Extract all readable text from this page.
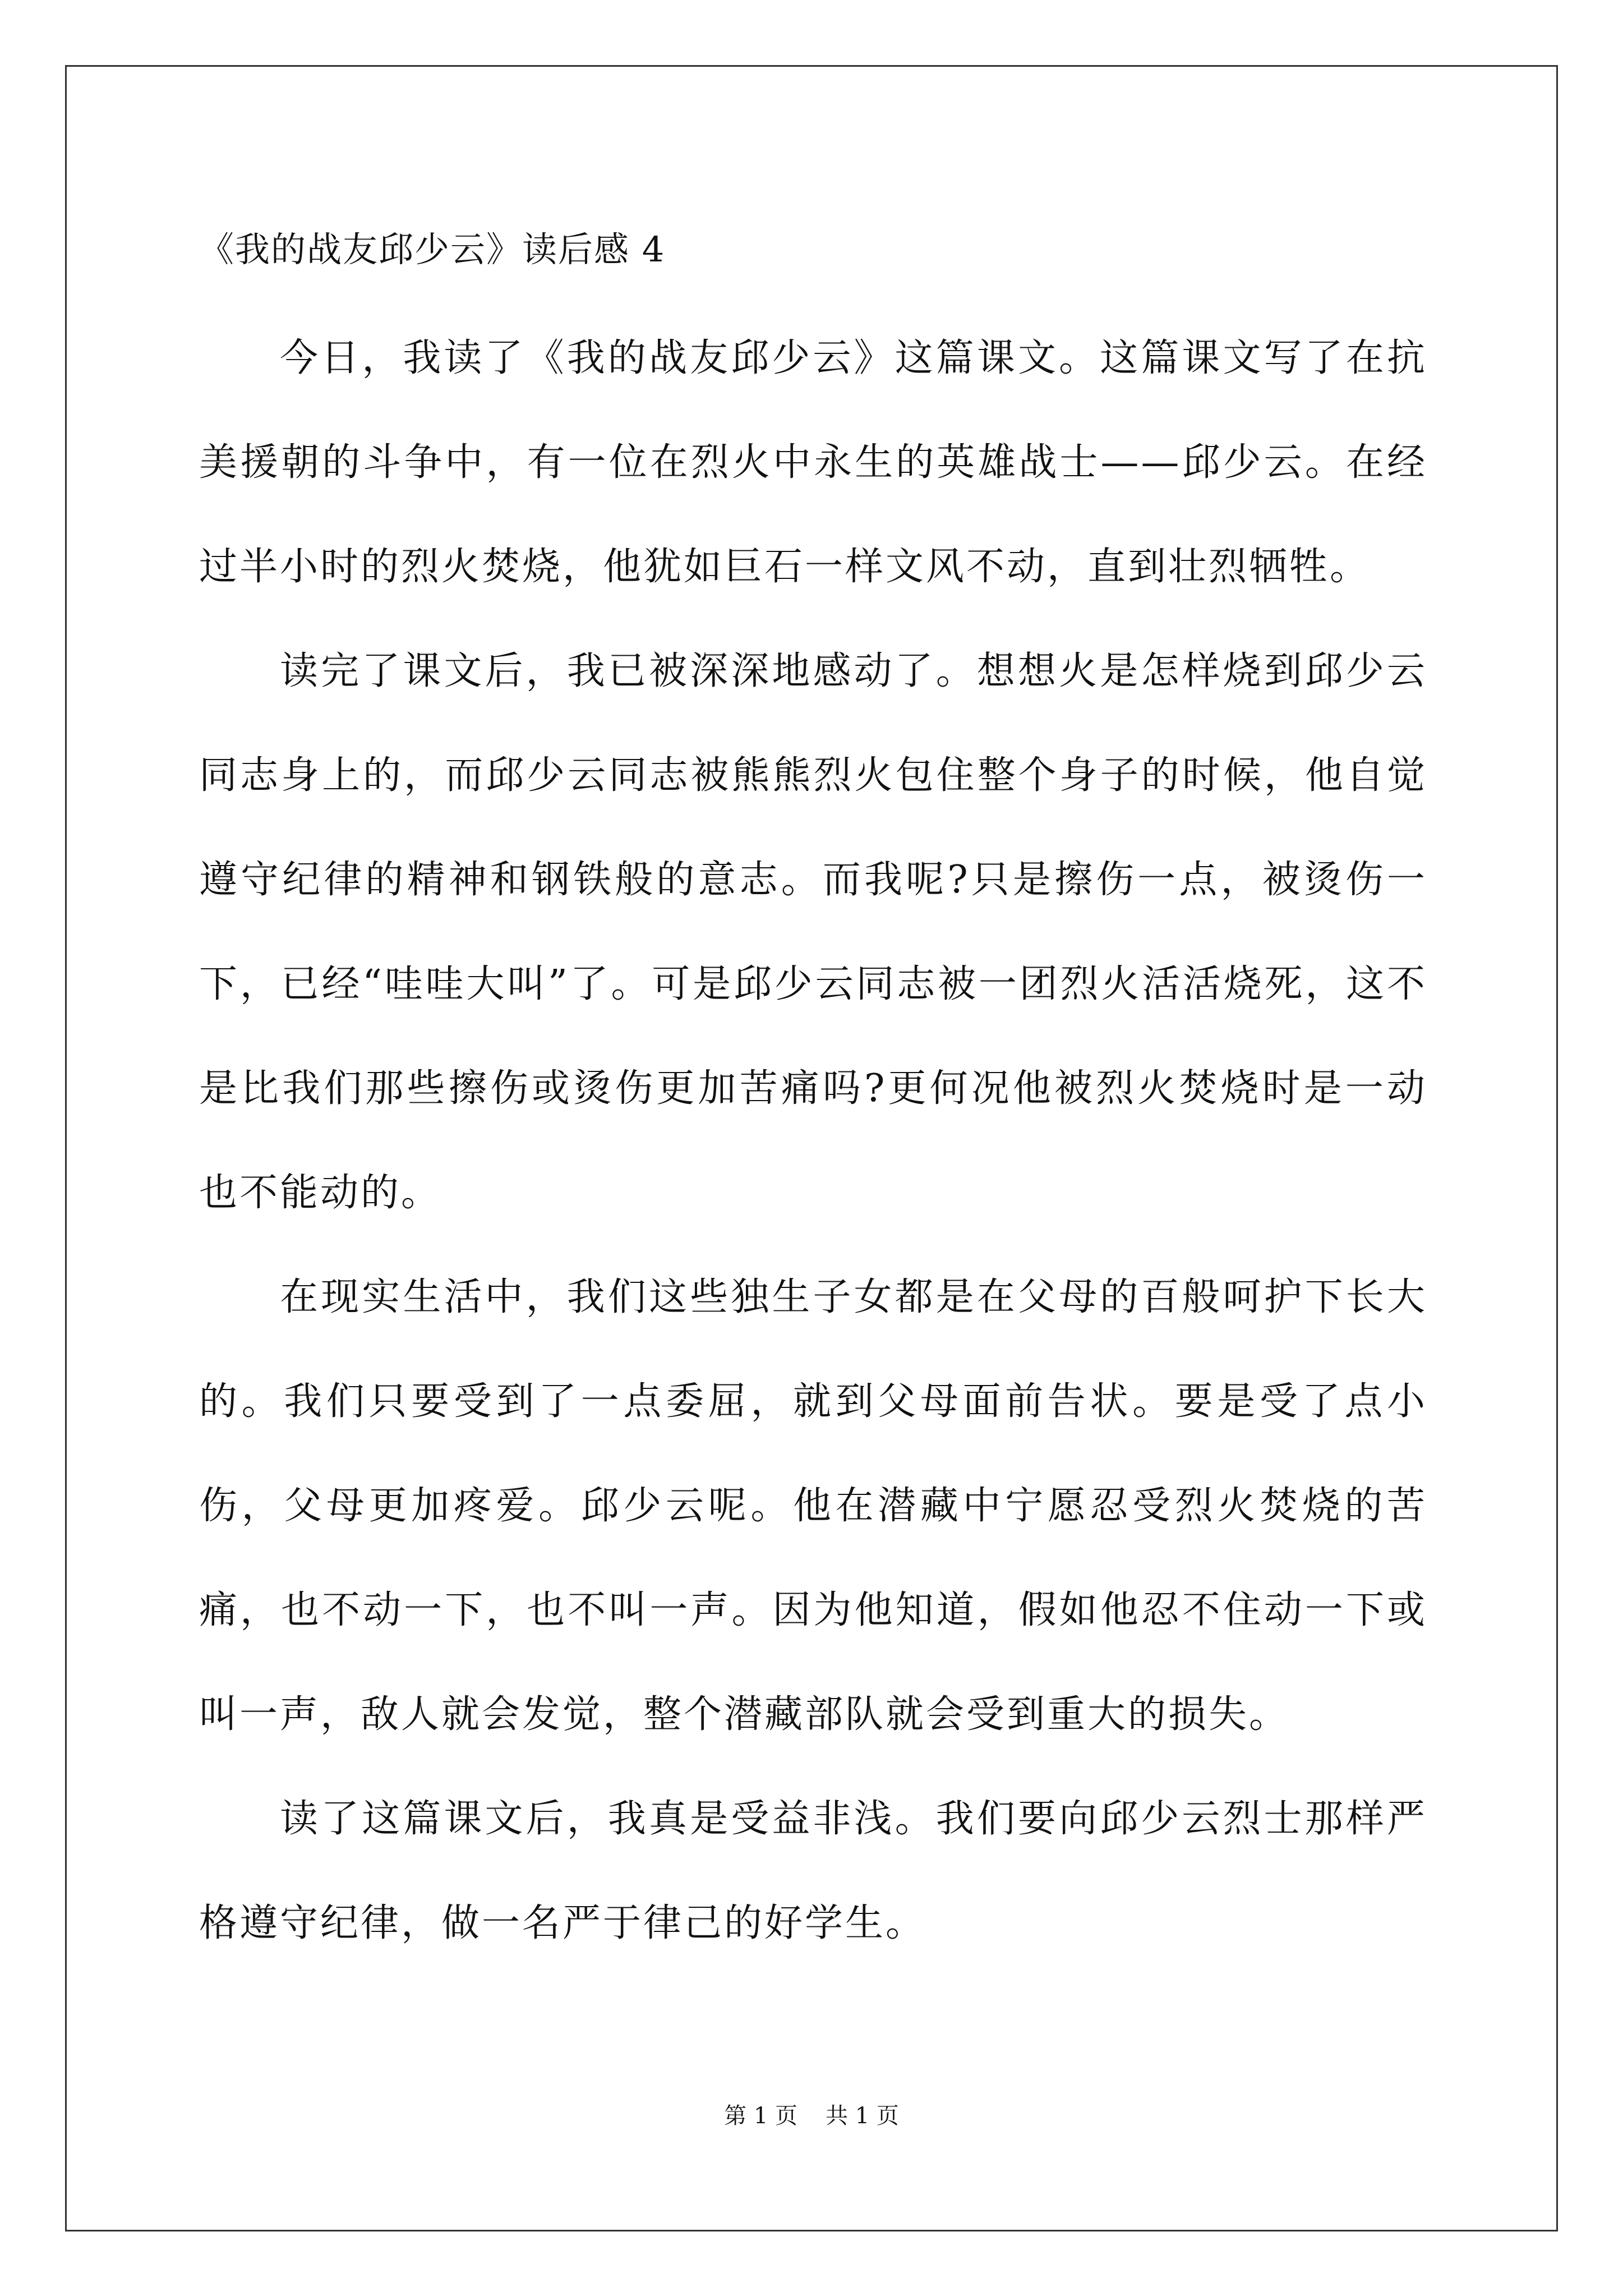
《我的战友邱少云》读后感 4

今日，我读了《我的战友邱少云》这篇课文。这篇课文写了在抗美援朝的斗争中，有一位在烈火中永生的英雄战士——邱少云。在经过半小时的烈火焚烧，他犹如巨石一样文风不动，直到壮烈牺牲。

读完了课文后，我已被深深地感动了。想想火是怎样烧到邱少云同志身上的，而邱少云同志被熊熊烈火包住整个身子的时候，他自觉遵守纪律的精神和钢铁般的意志。而我呢?只是擦伤一点，被烫伤一下，已经“哇哇大叫”了。可是邱少云同志被一团烈火活活烧死，这不是比我们那些擦伤或烫伤更加苦痛吗?更何况他被烈火焚烧时是一动也不能动的。

在现实生活中，我们这些独生子女都是在父母的百般呵护下长大的。我们只要受到了一点委屈，就到父母面前告状。要是受了点小伤，父母更加疼爱。邱少云呢。他在潜藏中宁愿忍受烈火焚烧的苦痛，也不动一下，也不叫一声。因为他知道，假如他忍不住动一下或叫一声，敌人就会发觉，整个潜藏部队就会受到重大的损失。

读了这篇课文后，我真是受益非浅。我们要向邱少云烈士那样严格遵守纪律，做一名严于律己的好学生。

第 1 页 共 1 页
